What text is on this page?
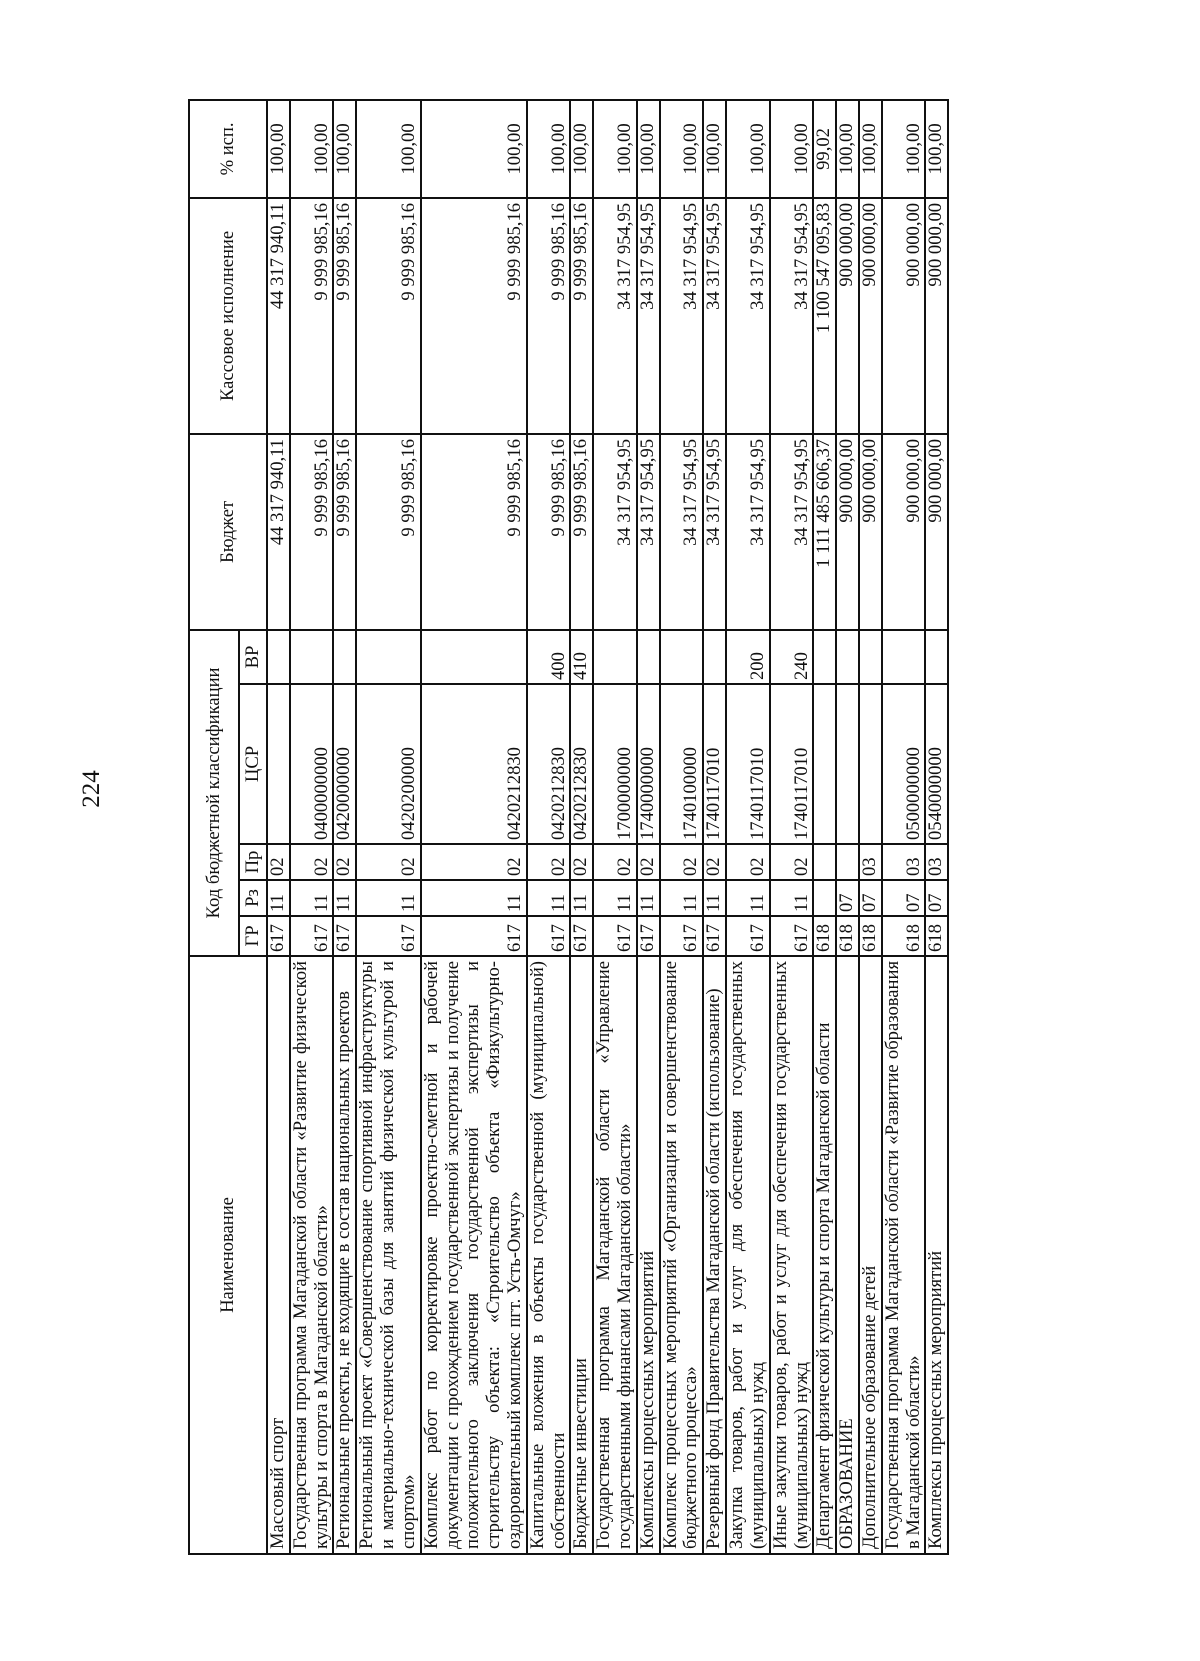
224
Наименование	Код бюджетной классификации					Бюджет	Кассовое исполнение	% исп.
	ГР	Рз	Пр	ЦСР	ВР			
Массовый спорт	617	11	02			44 317 940,11	44 317 940,11	100,00
Государственная программа Магаданской области «Развитие физической культуры и спорта в Магаданской области»	617	11	02	0400000000		9 999 985,16	9 999 985,16	100,00
Региональные проекты, не входящие в состав национальных проектов	617	11	02	0420000000		9 999 985,16	9 999 985,16	100,00
Региональный проект «Совершенствование спортивной инфраструктуры и материально-технической базы для занятий физической культурой и спортом»	617	11	02	0420200000		9 999 985,16	9 999 985,16	100,00
Комплекс работ по корректировке проектно-сметной и рабочей документации с прохождением государственной экспертизы и получение положительного заключения государственной экспертизы и строительству объекта: «Строительство объекта «Физкультурно-оздоровительный комплекс пгт. Усть-Омчуг»	617	11	02	0420212830		9 999 985,16	9 999 985,16	100,00
Капитальные вложения в объекты государственной (муниципальной) собственности	617	11	02	0420212830	400	9 999 985,16	9 999 985,16	100,00
Бюджетные инвестиции	617	11	02	0420212830	410	9 999 985,16	9 999 985,16	100,00
Государственная программа Магаданской области «Управление государственными финансами Магаданской области»	617	11	02	1700000000		34 317 954,95	34 317 954,95	100,00
Комплексы процессных мероприятий	617	11	02	1740000000		34 317 954,95	34 317 954,95	100,00
Комплекс процессных мероприятий «Организация и совершенствование бюджетного процесса»	617	11	02	1740100000		34 317 954,95	34 317 954,95	100,00
Резервный фонд Правительства Магаданской области (использование)	617	11	02	1740117010		34 317 954,95	34 317 954,95	100,00
Закупка товаров, работ и услуг для обеспечения государственных (муниципальных) нужд	617	11	02	1740117010	200	34 317 954,95	34 317 954,95	100,00
Иные закупки товаров, работ и услуг для обеспечения государственных (муниципальных) нужд	617	11	02	1740117010	240	34 317 954,95	34 317 954,95	100,00
Департамент физической культуры и спорта Магаданской области	618					1 111 485 606,37	1 100 547 095,83	99,02
ОБРАЗОВАНИЕ	618	07				900 000,00	900 000,00	100,00
Дополнительное образование детей	618	07	03			900 000,00	900 000,00	100,00
Государственная программа Магаданской области «Развитие образования в Магаданской области»	618	07	03	0500000000		900 000,00	900 000,00	100,00
Комплексы процессных мероприятий	618	07	03	0540000000		900 000,00	900 000,00	100,00
